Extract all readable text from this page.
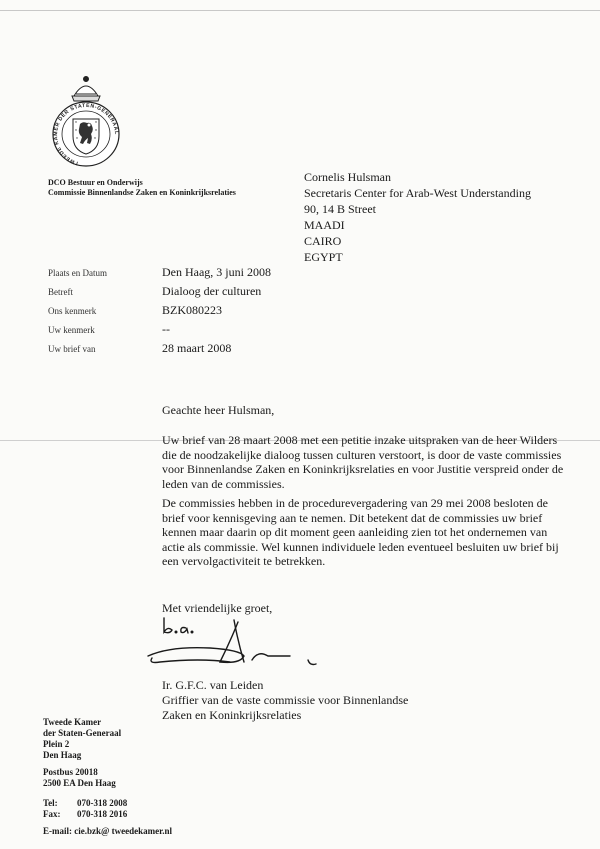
TWEEDE KAMER DER STATEN-GENERAAL
DCO Bestuur en Onderwijs
Commissie Binnenlandse Zaken en Koninkrijksrelaties
Cornelis Hulsman
Secretaris Center for Arab-West Understanding
90, 14 B Street
MAADI
CAIRO
EGYPT
Plaats en Datum	Den Haag, 3 juni 2008
Betreft	Dialoog der culturen
Ons kenmerk	BZK080223
Uw kenmerk	--
Uw brief van	28 maart 2008
Geachte heer Hulsman,
Uw brief van 28 maart 2008 met een petitie inzake uitspraken van de heer Wilders die de noodzakelijke dialoog tussen culturen verstoort, is door de vaste commissies voor Binnenlandse Zaken en Koninkrijksrelaties en voor Justitie verspreid onder de leden van de commissies.
De commissies hebben in de procedurevergadering van 29 mei 2008 besloten de brief voor kennisgeving aan te nemen. Dit betekent dat de commissies uw brief kennen maar daarin op dit moment geen aanleiding zien tot het ondernemen van actie als commissie. Wel kunnen individuele leden eventueel besluiten uw brief bij een vervolgactiviteit te betrekken.
Met vriendelijke groet,
b.a.
Ir. G.F.C. van Leiden
Griffier van de vaste commissie voor Binnenlandse
Zaken en Koninkrijksrelaties
Tweede Kamer
der Staten-Generaal
Plein 2
Den Haag
Postbus 20018
2500 EA Den Haag
Tel: 070-318 2008
Fax: 070-318 2016
E-mail: cie.bzk@ tweedekamer.nl
